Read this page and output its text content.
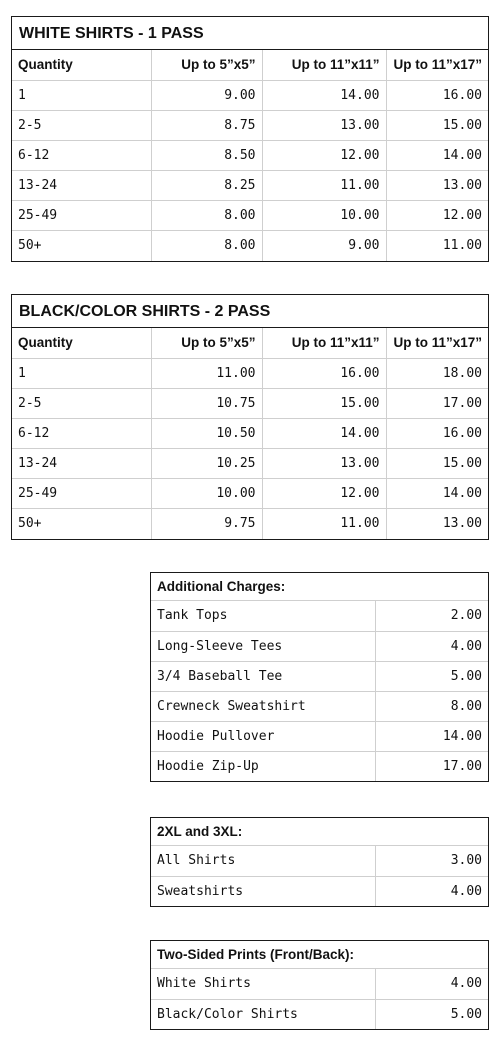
WHITE SHIRTS - 1 PASS
Quantity	Up to 5”x5”	Up to 11”x11”	Up to 11”x17”
1	9.00	14.00	16.00
2-5	8.75	13.00	15.00
6-12	8.50	12.00	14.00
13-24	8.25	11.00	13.00
25-49	8.00	10.00	12.00
50+	8.00	9.00	11.00
BLACK/COLOR SHIRTS - 2 PASS
Quantity	Up to 5”x5”	Up to 11”x11”	Up to 11”x17”
1	11.00	16.00	18.00
2-5	10.75	15.00	17.00
6-12	10.50	14.00	16.00
13-24	10.25	13.00	15.00
25-49	10.00	12.00	14.00
50+	9.75	11.00	13.00
Additional Charges:
Tank Tops	2.00
Long-Sleeve Tees	4.00
3/4 Baseball Tee	5.00
Crewneck Sweatshirt	8.00
Hoodie Pullover	14.00
Hoodie Zip-Up	17.00
2XL and 3XL:
All Shirts	3.00
Sweatshirts	4.00
Two-Sided Prints (Front/Back):
White Shirts	4.00
Black/Color Shirts	5.00
